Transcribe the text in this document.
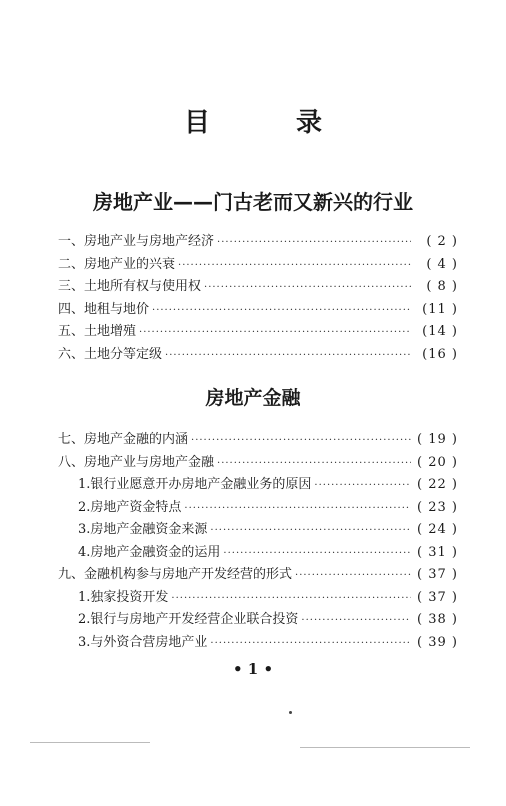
目　录
房地产业——门古老而又新兴的行业
一、房地产业与房地产经济 ·····	( 2 )
二、房地产业的兴衰 ·····	( 4 )
三、土地所有权与使用权 ·····	( 8 )
四、地租与地价 ·····	(11 )
五、土地增殖 ·····	(14 )
六、土地分等定级 ·····	(16 )
房地产金融
七、房地产金融的内涵 ·····	( 19 )
八、房地产业与房地产金融 ·····	( 20 )
1.银行业愿意开办房地产金融业务的原因 ·····	( 22 )
2.房地产资金特点 ·····	( 23 )
3.房地产金融资金来源 ·····	( 24 )
4.房地产金融资金的运用 ·····	( 31 )
九、金融机构参与房地产开发经营的形式 ·····	( 37 )
1.独家投资开发 ·····	( 37 )
2.银行与房地产开发经营企业联合投资 ·····	( 38 )
3.与外资合营房地产业 ·····	( 39 )
• 1 •
